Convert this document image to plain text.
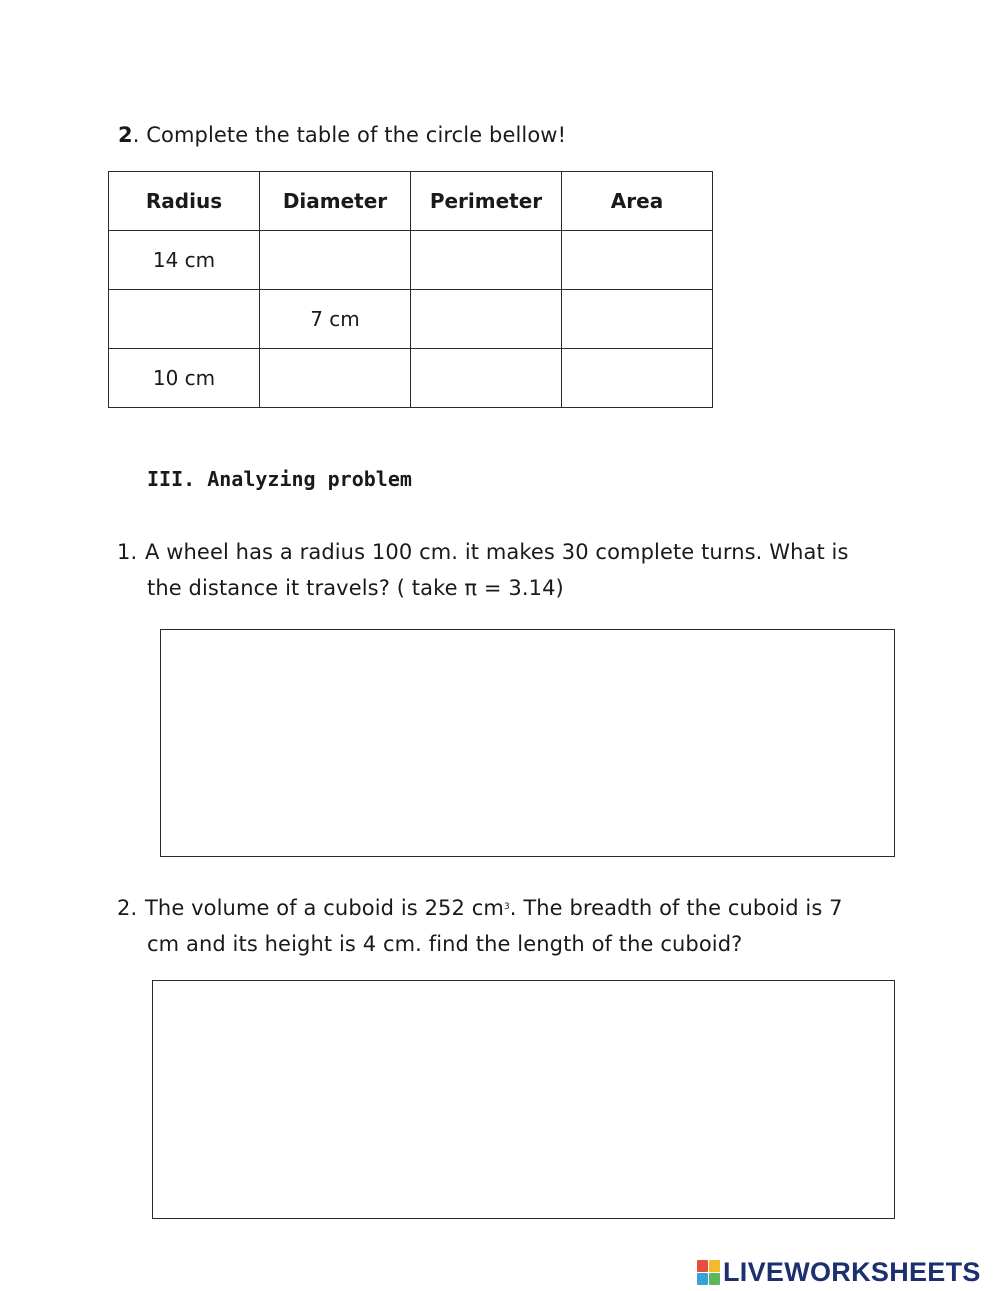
2. Complete the table of the circle bellow!
Radius	Diameter	Perimeter	Area
14 cm			
	7 cm		
10 cm			
III. Analyzing problem
1. A wheel has a radius 100 cm. it makes 30 complete turns. What is
the distance it travels? ( take π = 3.14)
2. The volume of a cuboid is 252 $cm^3$. The breadth of the cuboid is 7
cm and its height is 4 cm. find the length of the cuboid?
LIVEWORKSHEETS
